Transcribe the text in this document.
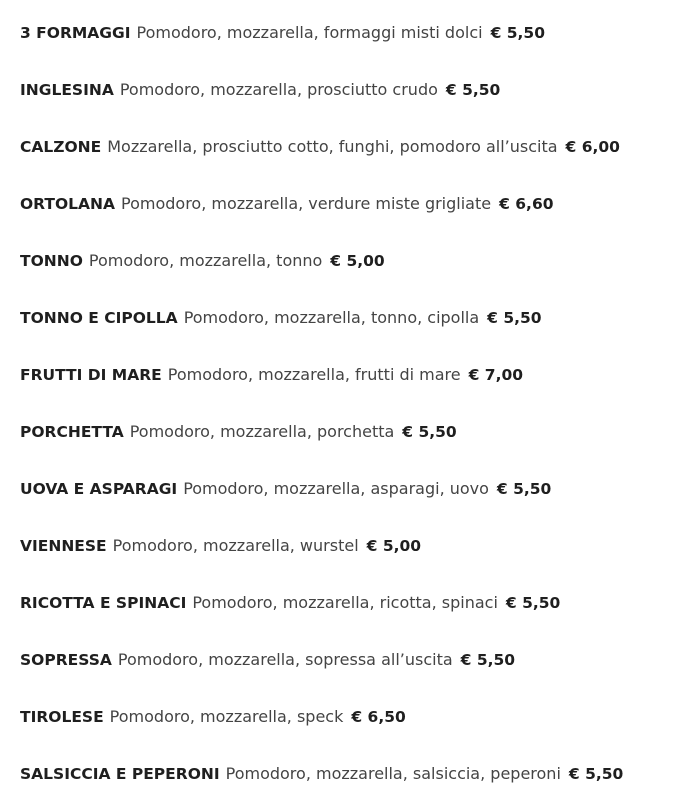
3 FORMAGGI Pomodoro, mozzarella, formaggi misti dolci € 5,50
INGLESINA Pomodoro, mozzarella, prosciutto crudo € 5,50
CALZONE Mozzarella, prosciutto cotto, funghi, pomodoro all’uscita € 6,00
ORTOLANA Pomodoro, mozzarella, verdure miste grigliate € 6,60
TONNO Pomodoro, mozzarella, tonno € 5,00
TONNO E CIPOLLA Pomodoro, mozzarella, tonno, cipolla € 5,50
FRUTTI DI MARE Pomodoro, mozzarella, frutti di mare € 7,00
PORCHETTA Pomodoro, mozzarella, porchetta € 5,50
UOVA E ASPARAGI Pomodoro, mozzarella, asparagi, uovo € 5,50
VIENNESE Pomodoro, mozzarella, wurstel € 5,00
RICOTTA E SPINACI Pomodoro, mozzarella, ricotta, spinaci € 5,50
SOPRESSA Pomodoro, mozzarella, sopressa all’uscita € 5,50
TIROLESE Pomodoro, mozzarella, speck € 6,50
SALSICCIA E PEPERONI Pomodoro, mozzarella, salsiccia, peperoni € 5,50
